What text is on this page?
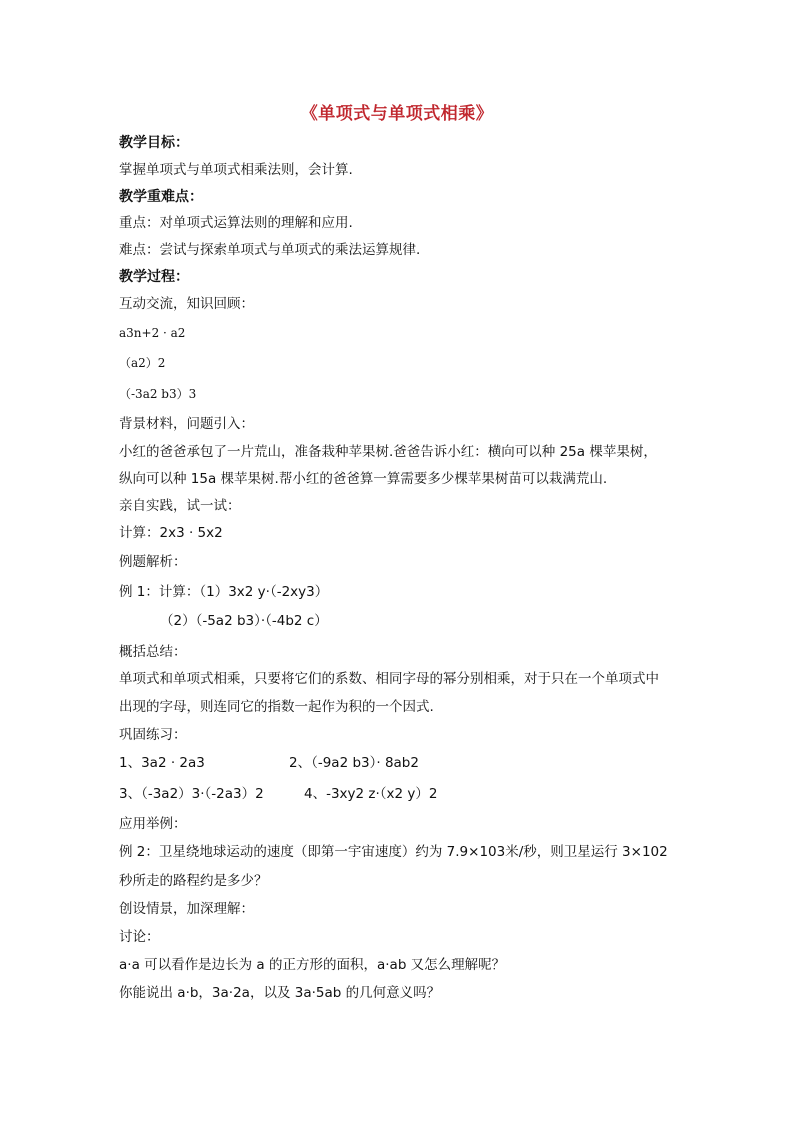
《单项式与单项式相乘》
教学目标：
掌握单项式与单项式相乘法则，会计算.
教学重难点：
重点：对单项式运算法则的理解和应用.
难点：尝试与探索单项式与单项式的乘法运算规律.
教学过程：
互动交流，知识回顾：
a3n+2 · a2
（a2）2
（-3a2 b3）3
背景材料，问题引入：
小红的爸爸承包了一片荒山，准备栽种苹果树.爸爸告诉小红：横向可以种 25a 棵苹果树，
纵向可以种 15a 棵苹果树.帮小红的爸爸算一算需要多少棵苹果树苗可以栽满荒山.
亲自实践，试一试：
计算：2x3 · 5x2
例题解析：
例 1：计算：（1）3x2 y·（-2xy3）
（2）（-5a2 b3）·（-4b2 c）
概括总结：
单项式和单项式相乘，只要将它们的系数、相同字母的幂分别相乘，对于只在一个单项式中
出现的字母，则连同它的指数一起作为积的一个因式.
巩固练习：
1、3a2 · 2a3	2、（-9a2 b3）· 8ab2
3、（-3a2）3·（-2a3）2	4、-3xy2 z·（x2 y）2
应用举例：
例 2：卫星绕地球运动的速度（即第一宇宙速度）约为 7.9×103米/秒，则卫星运行 3×102
秒所走的路程约是多少？
创设情景，加深理解：
讨论：
a·a 可以看作是边长为 a 的正方形的面积，a·ab 又怎么理解呢？
你能说出 a·b，3a·2a，以及 3a·5ab 的几何意义吗？
